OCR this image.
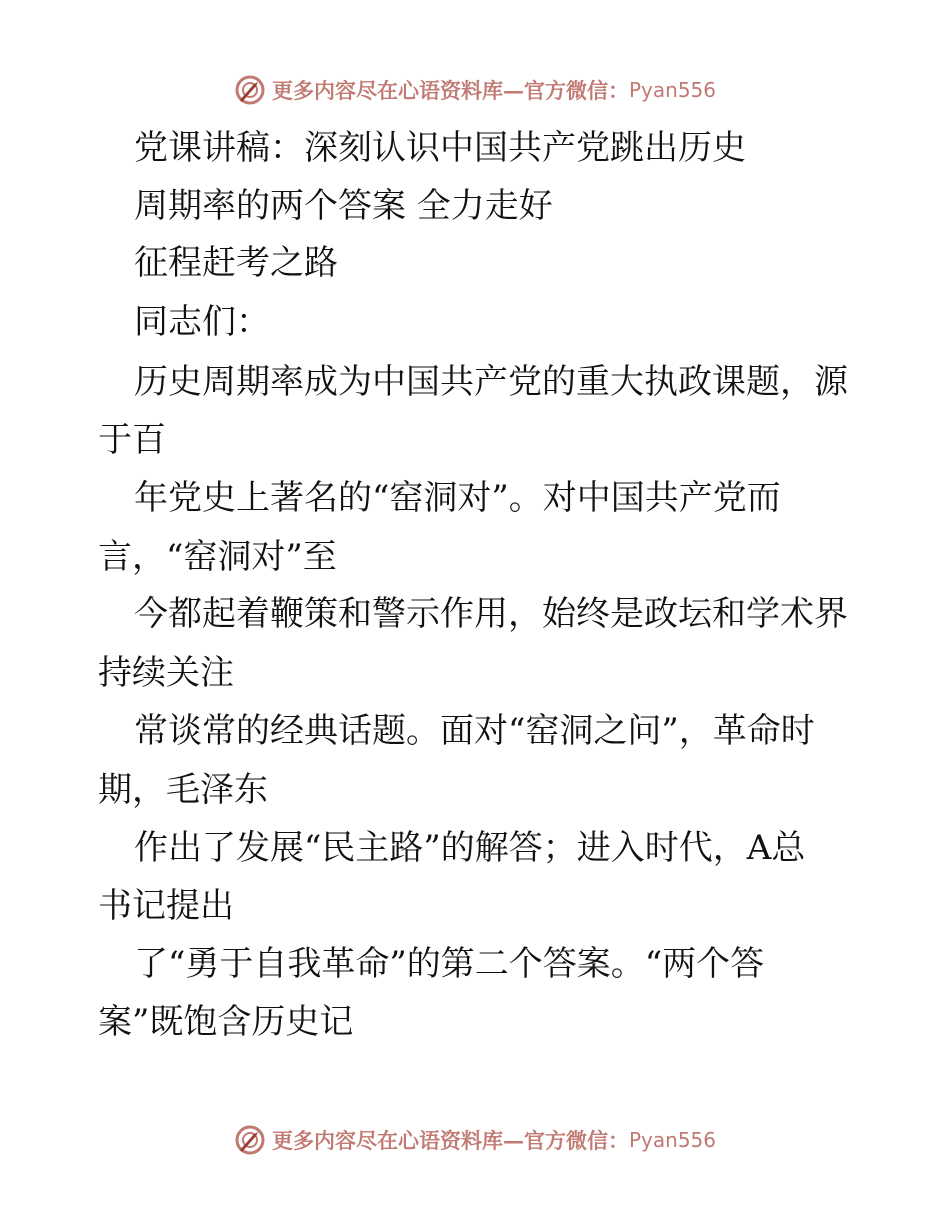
更多内容尽在心语资料库—官方微信： Pyan556
党课讲稿：深刻认识中国共产党跳出历史
周期率的两个答案 全力走好
征程赶考之路
同志们：
历史周期率成为中国共产党的重大执政课题，源
于百
年党史上著名的“窑洞对”。对中国共产党而
言，“窑洞对”至
今都起着鞭策和警示作用，始终是政坛和学术界
持续关注
常谈常的经典话题。面对“窑洞之问”，革命时
期，毛泽东
作出了发展“民主路”的解答；进入时代，A总
书记提出
了“勇于自我革命”的第二个答案。“两个答
案”既饱含历史记
更多内容尽在心语资料库—官方微信： Pyan556
